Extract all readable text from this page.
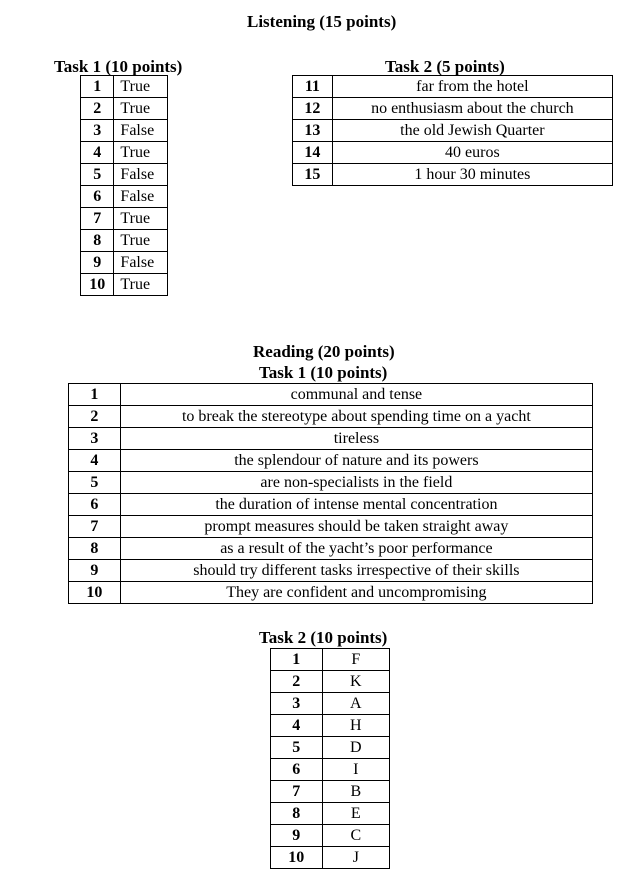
Listening (15 points)
Task 1 (10 points)
1	True
2	True
3	False
4	True
5	False
6	False
7	True
8	True
9	False
10	True
Task 2 (5 points)
11	far from the hotel
12	no enthusiasm about the church
13	the old Jewish Quarter
14	40 euros
15	1 hour 30 minutes
Reading (20 points)
Task 1 (10 points)
1	communal and tense
2	to break the stereotype about spending time on a yacht
3	tireless
4	the splendour of nature and its powers
5	are non-specialists in the field
6	the duration of intense mental concentration
7	prompt measures should be taken straight away
8	as a result of the yacht’s poor performance
9	should try different tasks irrespective of their skills
10	They are confident and uncompromising
Task 2 (10 points)
1	F
2	K
3	A
4	H
5	D
6	I
7	B
8	E
9	C
10	J
